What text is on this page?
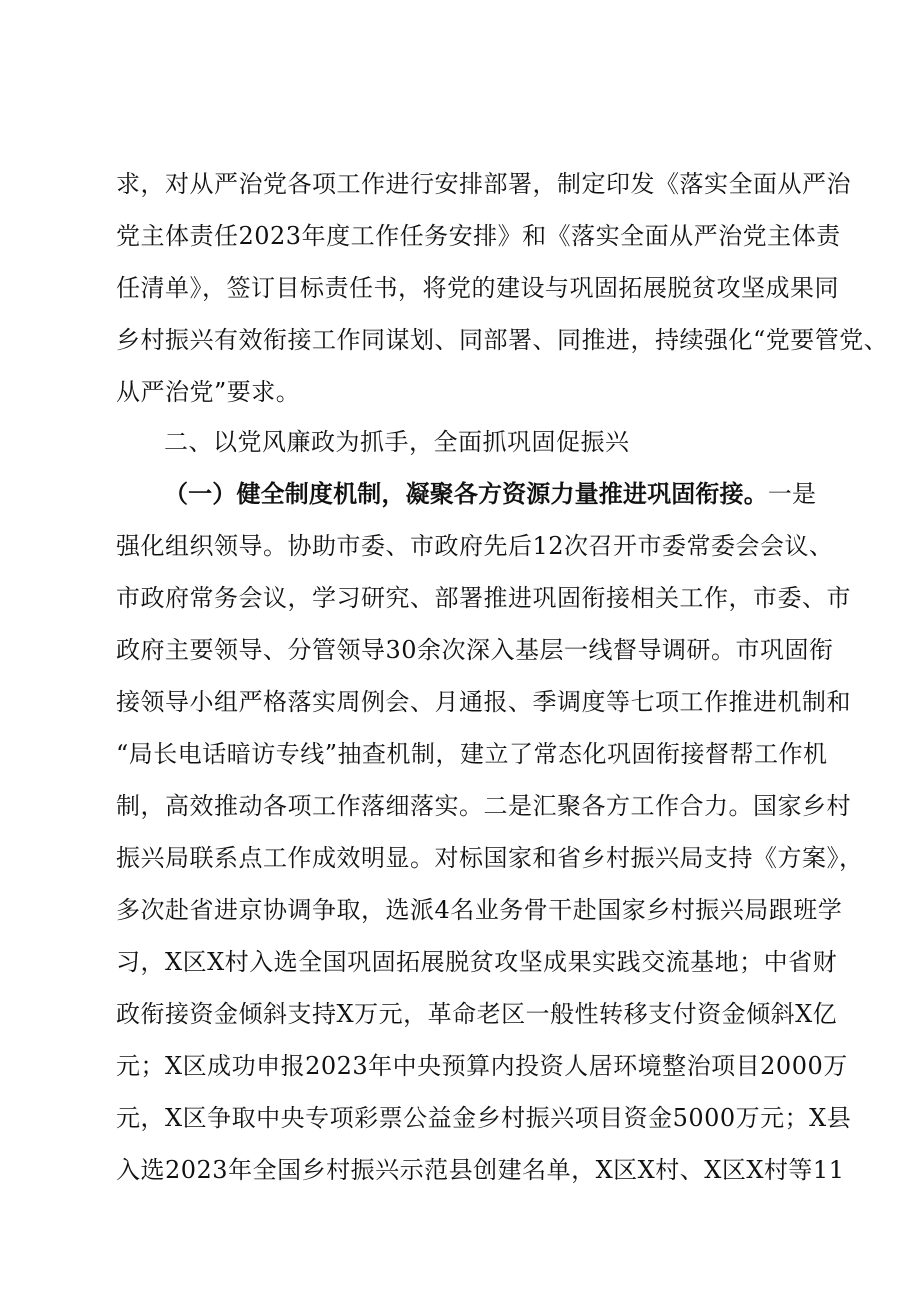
求，对从严治党各项工作进行安排部署，制定印发《落实全面从严治
党主体责任2023年度工作任务安排》和《落实全面从严治党主体责
任清单》，签订目标责任书，将党的建设与巩固拓展脱贫攻坚成果同
乡村振兴有效衔接工作同谋划、同部署、同推进，持续强化“党要管党、
从严治党”要求。
二、以党风廉政为抓手，全面抓巩固促振兴
（一）健全制度机制，凝聚各方资源力量推进巩固衔接。一是
强化组织领导。协助市委、市政府先后12次召开市委常委会会议、
市政府常务会议，学习研究、部署推进巩固衔接相关工作，市委、市
政府主要领导、分管领导30余次深入基层一线督导调研。市巩固衔
接领导小组严格落实周例会、月通报、季调度等七项工作推进机制和
“局长电话暗访专线”抽查机制，建立了常态化巩固衔接督帮工作机
制，高效推动各项工作落细落实。二是汇聚各方工作合力。国家乡村
振兴局联系点工作成效明显。对标国家和省乡村振兴局支持《方案》，
多次赴省进京协调争取，选派4名业务骨干赴国家乡村振兴局跟班学
习，X区X村入选全国巩固拓展脱贫攻坚成果实践交流基地；中省财
政衔接资金倾斜支持X万元，革命老区一般性转移支付资金倾斜X亿
元；X区成功申报2023年中央预算内投资人居环境整治项目2000万
元，X区争取中央专项彩票公益金乡村振兴项目资金5000万元；X县
入选2023年全国乡村振兴示范县创建名单，X区X村、X区X村等11
